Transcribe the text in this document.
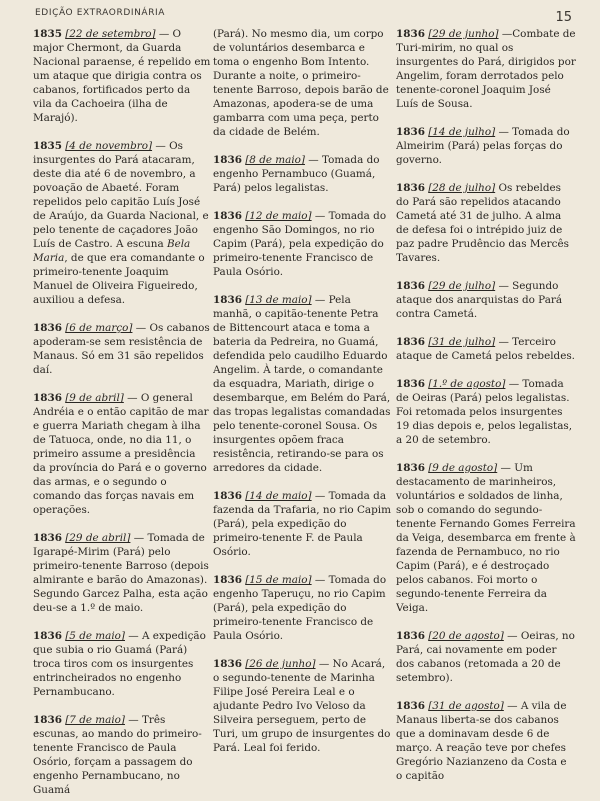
EDIÇÃO EXTRAORDINÁRIA	15

1835 [22 de setembro] — O major Chermont, da Guarda Nacional paraense, é repelido em um ataque que dirigia contra os cabanos, fortificados perto da vila da Cachoeira (ilha de Marajó).

1835 [4 de novembro] — Os insurgentes do Pará atacaram, deste dia até 6 de novembro, a povoação de Abaeté. Foram repelidos pelo capitão Luís José de Araújo, da Guarda Nacional, e pelo tenente de caçadores João Luís de Castro. A escuna Bela Maria, de que era comandante o primeiro-tenente Joaquim Manuel de Oliveira Figueiredo, auxiliou a defesa.

1836 [6 de março] — Os cabanos apoderam-se sem resistência de Manaus. Só em 31 são repelidos daí.

1836 [9 de abril] — O general Andréia e o então capitão de mar e guerra Mariath chegam à ilha de Tatuoca, onde, no dia 11, o primeiro assume a presidência da província do Pará e o governo das armas, e o segundo o comando das forças navais em operações.

1836 [29 de abril] — Tomada de Igarapé-Mirim (Pará) pelo primeiro-tenente Barroso (depois almirante e barão do Amazonas). Segundo Garcez Palha, esta ação deu-se a 1.º de maio.

1836 [5 de maio] — A expedição que subia o rio Guamá (Pará) troca tiros com os insurgentes entrincheirados no engenho Pernambucano.

1836 [7 de maio] — Três escunas, ao mando do primeiro-tenente Francisco de Paula Osório, forçam a passagem do engenho Pernambucano, no Guamá

(Pará). No mesmo dia, um corpo de voluntários desembarca e toma o engenho Bom Intento. Durante a noite, o primeiro-tenente Barroso, depois barão de Amazonas, apodera-se de uma gambarra com uma peça, perto da cidade de Belém.

1836 [8 de maio] — Tomada do engenho Pernambuco (Guamá, Pará) pelos legalistas.

1836 [12 de maio] — Tomada do engenho São Domingos, no rio Capim (Pará), pela expedição do primeiro-tenente Francisco de Paula Osório.

1836 [13 de maio] — Pela manhã, o capitão-tenente Petra de Bittencourt ataca e toma a bateria da Pedreira, no Guamá, defendida pelo caudilho Eduardo Angelim. À tarde, o comandante da esquadra, Mariath, dirige o desembarque, em Belém do Pará, das tropas legalistas comandadas pelo tenente-coronel Sousa. Os insurgentes opõem fraca resistência, retirando-se para os arredores da cidade.

1836 [14 de maio] — Tomada da fazenda da Trafaria, no rio Capim (Pará), pela expedição do primeiro-tenente F. de Paula Osório.

1836 [15 de maio] — Tomada do engenho Taperuçu, no rio Capim (Pará), pela expedição do primeiro-tenente Francisco de Paula Osório.

1836 [26 de junho] — No Acará, o segundo-tenente de Marinha Filipe José Pereira Leal e o ajudante Pedro Ivo Veloso da Silveira perseguem, perto de Turi, um grupo de insurgentes do Pará. Leal foi ferido.

1836 [29 de junho] —Combate de Turi-mirim, no qual os insurgentes do Pará, dirigidos por Angelim, foram derrotados pelo tenente-coronel Joaquim José Luís de Sousa.

1836 [14 de julho] — Tomada do Almeirim (Pará) pelas forças do governo.

1836 [28 de julho] Os rebeldes do Pará são repelidos atacando Cametá até 31 de julho. A alma de defesa foi o intrépido juiz de paz padre Prudêncio das Mercês Tavares.

1836 [29 de julho] — Segundo ataque dos anarquistas do Pará contra Cametá.

1836 [31 de julho] — Terceiro ataque de Cametá pelos rebeldes.

1836 [1.º de agosto] — Tomada de Oeiras (Pará) pelos legalistas. Foi retomada pelos insurgentes 19 dias depois e, pelos legalistas, a 20 de setembro.

1836 [9 de agosto] — Um destacamento de marinheiros, voluntários e soldados de linha, sob o comando do segundo-tenente Fernando Gomes Ferreira da Veiga, desembarca em frente à fazenda de Pernambuco, no rio Capim (Pará), e é destroçado pelos cabanos. Foi morto o segundo-tenente Ferreira da Veiga.

1836 [20 de agosto] — Oeiras, no Pará, cai novamente em poder dos cabanos (retomada a 20 de setembro).

1836 [31 de agosto] — A vila de Manaus liberta-se dos cabanos que a dominavam desde 6 de março. A reação teve por chefes Gregório Nazianzeno da Costa e o capitão
